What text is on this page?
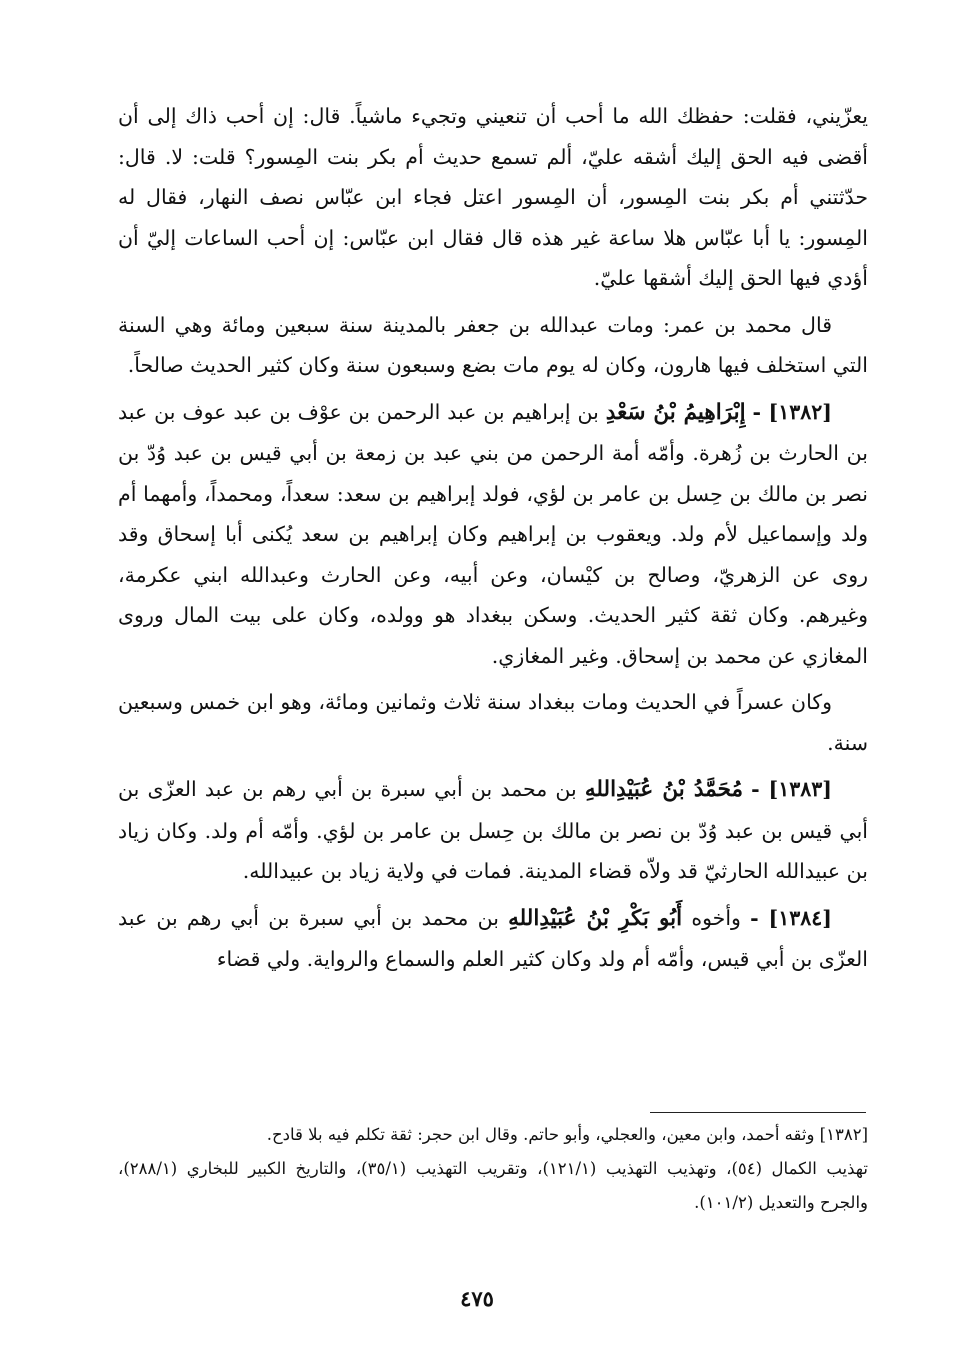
يعزّيني، فقلت: حفظك الله ما أحب أن تنعيني وتجيء ماشياً. قال: إن أحب ذاك إلى أن أقضى فيه الحق إليك أشقه عليّ، ألم تسمع حديث أم بكر بنت المِسور؟ قلت: لا. قال: حدّثتني أم بكر بنت المِسور، أن المِسور اعتل فجاء ابن عبّاس نصف النهار، فقال له المِسور: يا أبا عبّاس هلا ساعة غير هذه قال فقال ابن عبّاس: إن أحب الساعات إليّ أن أؤدي فيها الحق إليك أشقها عليّ.

قال محمد بن عمر: ومات عبدالله بن جعفر بالمدينة سنة سبعين ومائة وهي السنة التي استخلف فيها هارون، وكان له يوم مات بضع وسبعون سنة وكان كثير الحديث صالحاً.

[١٣٨٢] - إِبْرَاهِيمُ بْنُ سَعْدِ بن إبراهيم بن عبد الرحمن بن عوْف بن عبد عوف بن عبد بن الحارث بن زُهرة. وأمّه أمة الرحمن من بني عبد بن زمعة بن أبي قيس بن عبد وُدّ بن نصر بن مالك بن حِسل بن عامر بن لؤي، فولد إبراهيم بن سعد: سعداً، ومحمداً، وأمهما أم ولد وإسماعيل لأم ولد. ويعقوب بن إبراهيم وكان إبراهيم بن سعد يُكنى أبا إسحاق وقد روى عن الزهريّ، وصالح بن كيْسان، وعن أبيه، وعن الحارث وعبدالله ابني عكرمة، وغيرهم. وكان ثقة كثير الحديث. وسكن ببغداد هو وولده، وكان على بيت المال وروى المغازي عن محمد بن إسحاق. وغير المغازي.

وكان عسراً في الحديث ومات ببغداد سنة ثلاث وثمانين ومائة، وهو ابن خمس وسبعين سنة.

[١٣٨٣] - مُحَمَّدُ بْنُ عُبَيْدِاللهِ بن محمد بن أبي سبرة بن أبي رهم بن عبد العزّى بن أبي قيس بن عبد وُدّ بن نصر بن مالك بن حِسل بن عامر بن لؤي. وأمّه أم ولد. وكان زياد بن عبيدالله الحارثيّ قد ولاّه قضاء المدينة. فمات في ولاية زياد بن عبيدالله.

[١٣٨٤] - وأخوه أَبُو بَكْرِ بْنُ عُبَيْدِاللهِ بن محمد بن أبي سبرة بن أبي رهم بن عبد العزّى بن أبي قيس، وأمّه أم ولد وكان كثير العلم والسماع والرواية. ولي قضاء

[١٣٨٢] وثقه أحمد، وابن معين، والعجلي، وأبو حاتم. وقال ابن حجر: ثقة تكلم فيه بلا قادح.

تهذيب الكمال (٥٤)، وتهذيب التهذيب (١٢١/١)، وتقريب التهذيب (٣٥/١)، والتاريخ الكبير للبخاري (٢٨٨/١)، والجرح والتعديل (١٠١/٢).

٤٧٥
